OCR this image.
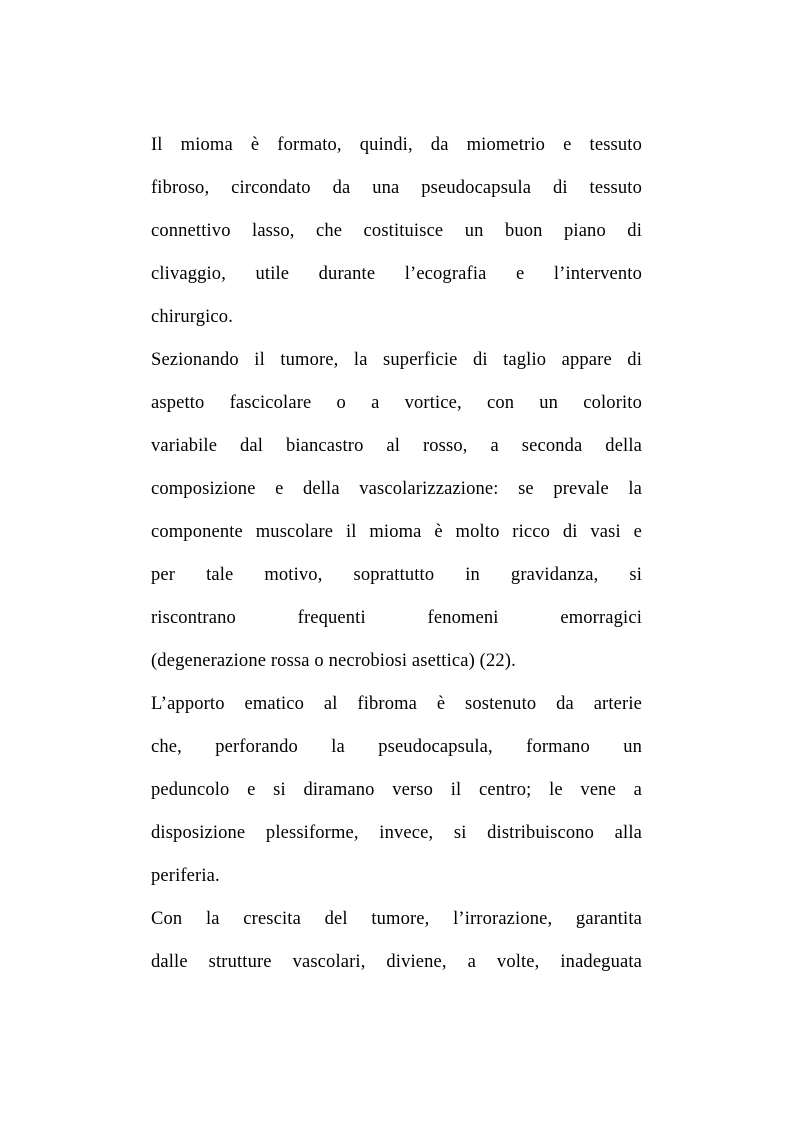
Il mioma è formato, quindi, da miometrio e tessuto
fibroso, circondato da una pseudocapsula di tessuto
connettivo lasso, che costituisce un buon piano di
clivaggio, utile durante l’ecografia e l’intervento
chirurgico.
Sezionando il tumore, la superficie di taglio appare di
aspetto fascicolare o a vortice, con un colorito
variabile dal biancastro al rosso, a seconda della
composizione e della vascolarizzazione: se prevale la
componente muscolare il mioma è molto ricco di vasi e
per tale motivo, soprattutto in gravidanza, si
riscontrano frequenti fenomeni emorragici
(degenerazione rossa o necrobiosi asettica) (22).
L’apporto ematico al fibroma è sostenuto da arterie
che, perforando la pseudocapsula, formano un
peduncolo e si diramano verso il centro; le vene a
disposizione plessiforme, invece, si distribuiscono alla
periferia.
Con la crescita del tumore, l’irrorazione, garantita
dalle strutture vascolari, diviene, a volte, inadeguata
